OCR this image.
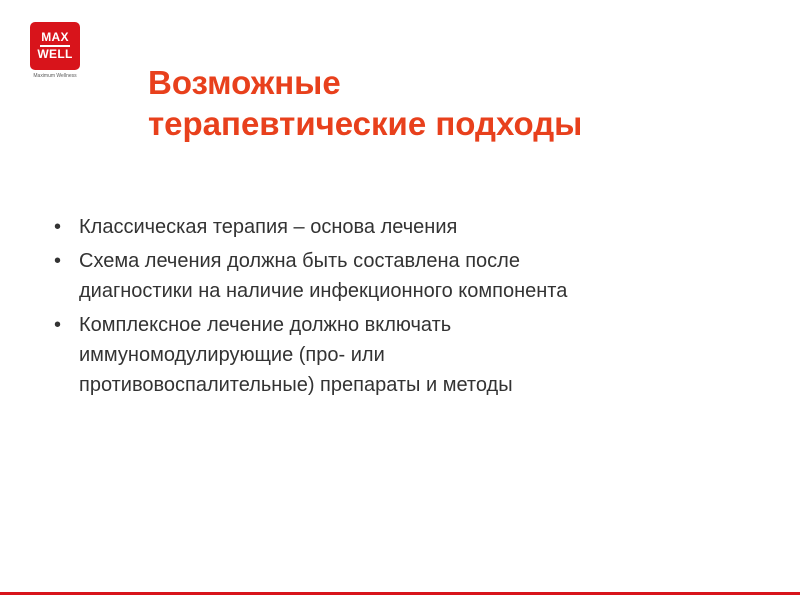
MAX
WELL
Maximum Wellness Возможные
терапевтические подходы
• Классическая терапия – основа лечения
• Схема лечения должна быть составлена после
диагностики на наличие инфекционного компонента
• Комплексное лечение должно включать
иммуномодулирующие (про- или
противовоспалительные) препараты и методы
